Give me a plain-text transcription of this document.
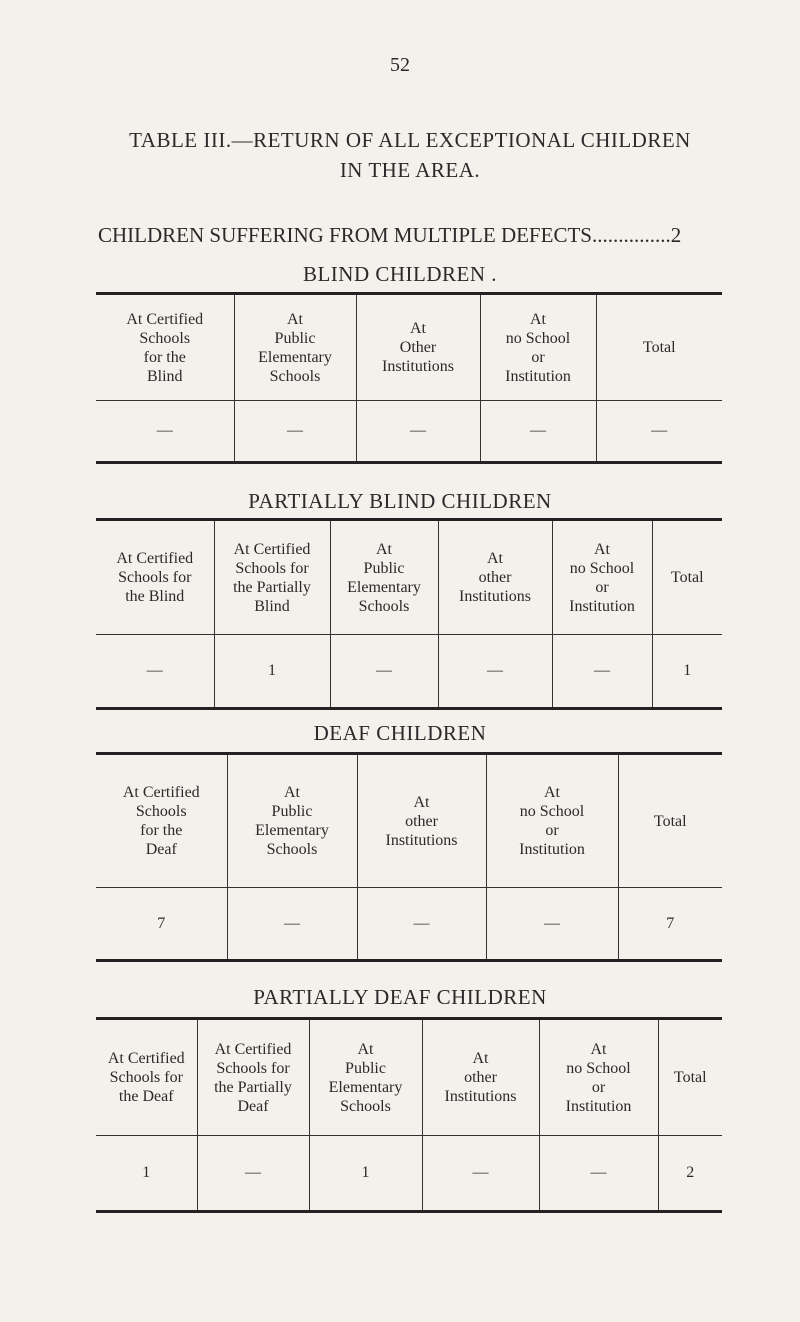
52
TABLE III.—RETURN OF ALL EXCEPTIONAL CHILDREN
IN THE AREA.
CHILDREN SUFFERING FROM MULTIPLE DEFECTS...............2
BLIND CHILDREN .
At Certified
Schools
for the
Blind	At
Public
Elementary
Schools	At
Other
Institutions	At
no School
or
Institution	Total
—	—	—	—	—
PARTIALLY BLIND CHILDREN
At Certified
Schools for
the Blind	At Certified
Schools for
the Partially
Blind	At
Public
Elementary
Schools	At
other
Institutions	At
no School
or
Institution	Total
—	1	—	—	—	1
DEAF CHILDREN
At Certified
Schools
for the
Deaf	At
Public
Elementary
Schools	At
other
Institutions	At
no School
or
Institution	Total
7	—	—	—	7
PARTIALLY DEAF CHILDREN
At Certified
Schools for
the Deaf	At Certified
Schools for
the Partially
Deaf	At
Public
Elementary
Schools	At
other
Institutions	At
no School
or
Institution	Total
1	—	1	—	—	2
